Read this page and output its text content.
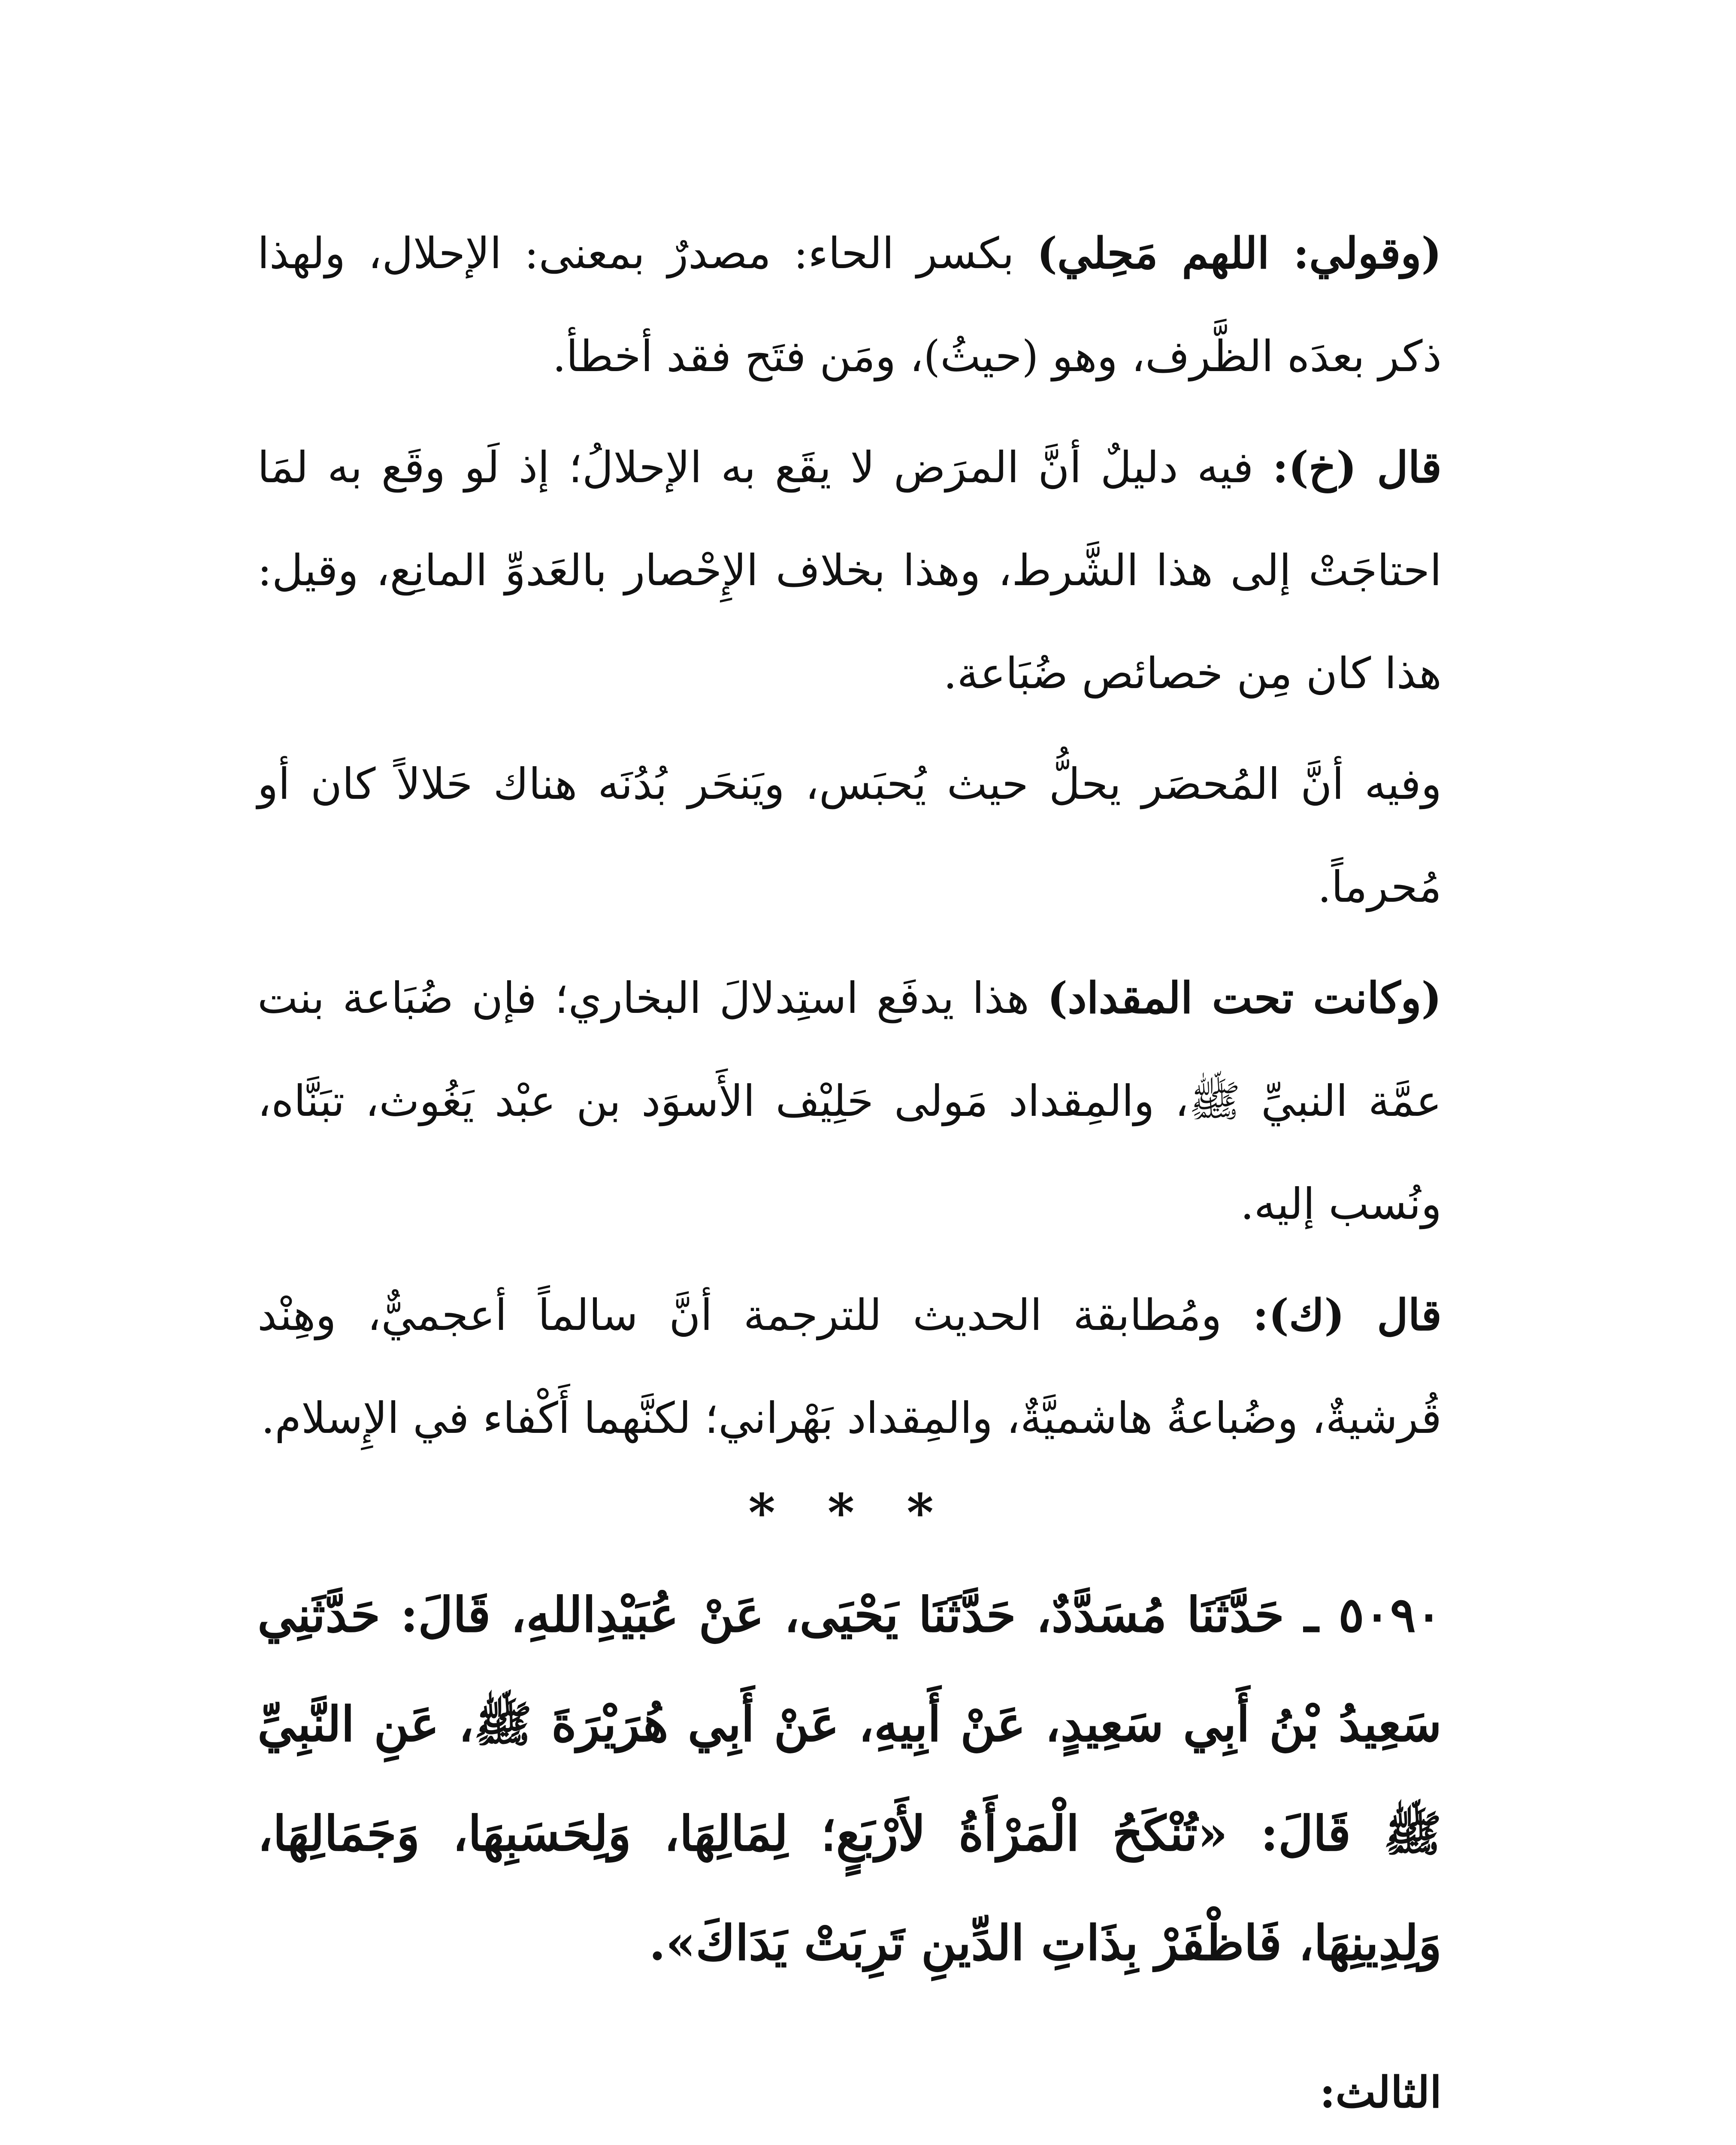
(وقولي: اللهم مَحِلي) بكسر الحاء: مصدرٌ بمعنى: الإحلال، ولهذا ذكر بعدَه الظَّرف، وهو (حيثُ)، ومَن فتَح فقد أخطأ.

قال (خ): فيه دليلٌ أنَّ المرَض لا يقَع به الإحلالُ؛ إذ لَو وقَع به لمَا احتاجَتْ إلى هذا الشَّرط، وهذا بخلاف الإِحْصار بالعَدوِّ المانِع، وقيل: هذا كان مِن خصائص ضُبَاعة.

وفيه أنَّ المُحصَر يحلُّ حيث يُحبَس، ويَنحَر بُدُنَه هناك حَلالاً كان أو مُحرماً.

(وكانت تحت المقداد) هذا يدفَع استِدلالَ البخاري؛ فإن ضُبَاعة بنت عمَّة النبيِّ ﷺ، والمِقداد مَولى حَلِيْف الأَسوَد بن عبْد يَغُوث، تبَنَّاه، ونُسب إليه.

قال (ك): ومُطابقة الحديث للترجمة أنَّ سالماً أعجميٌّ، وهِنْد قُرشيةٌ، وضُباعةُ هاشميَّةٌ، والمِقداد بَهْراني؛ لكنَّهما أَكْفاء في الإِسلام.

* * *

٥٠٩٠ ـ حَدَّثَنَا مُسَدَّدٌ، حَدَّثَنَا يَحْيَى، عَنْ عُبَيْدِاللهِ، قَالَ: حَدَّثَنِي سَعِيدُ بْنُ أَبِي سَعِيدٍ، عَنْ أَبِيهِ، عَنْ أَبِي هُرَيْرَةَ ﷺ، عَنِ النَّبِيِّ ﷺ قَالَ: «تُنْكَحُ الْمَرْأَةُ لأَرْبَعٍ؛ لِمَالِهَا، وَلِحَسَبِهَا، وَجَمَالِهَا، وَلِدِينِهَا، فَاظْفَرْ بِذَاتِ الدِّينِ تَرِبَتْ يَدَاكَ».

الثالث:
